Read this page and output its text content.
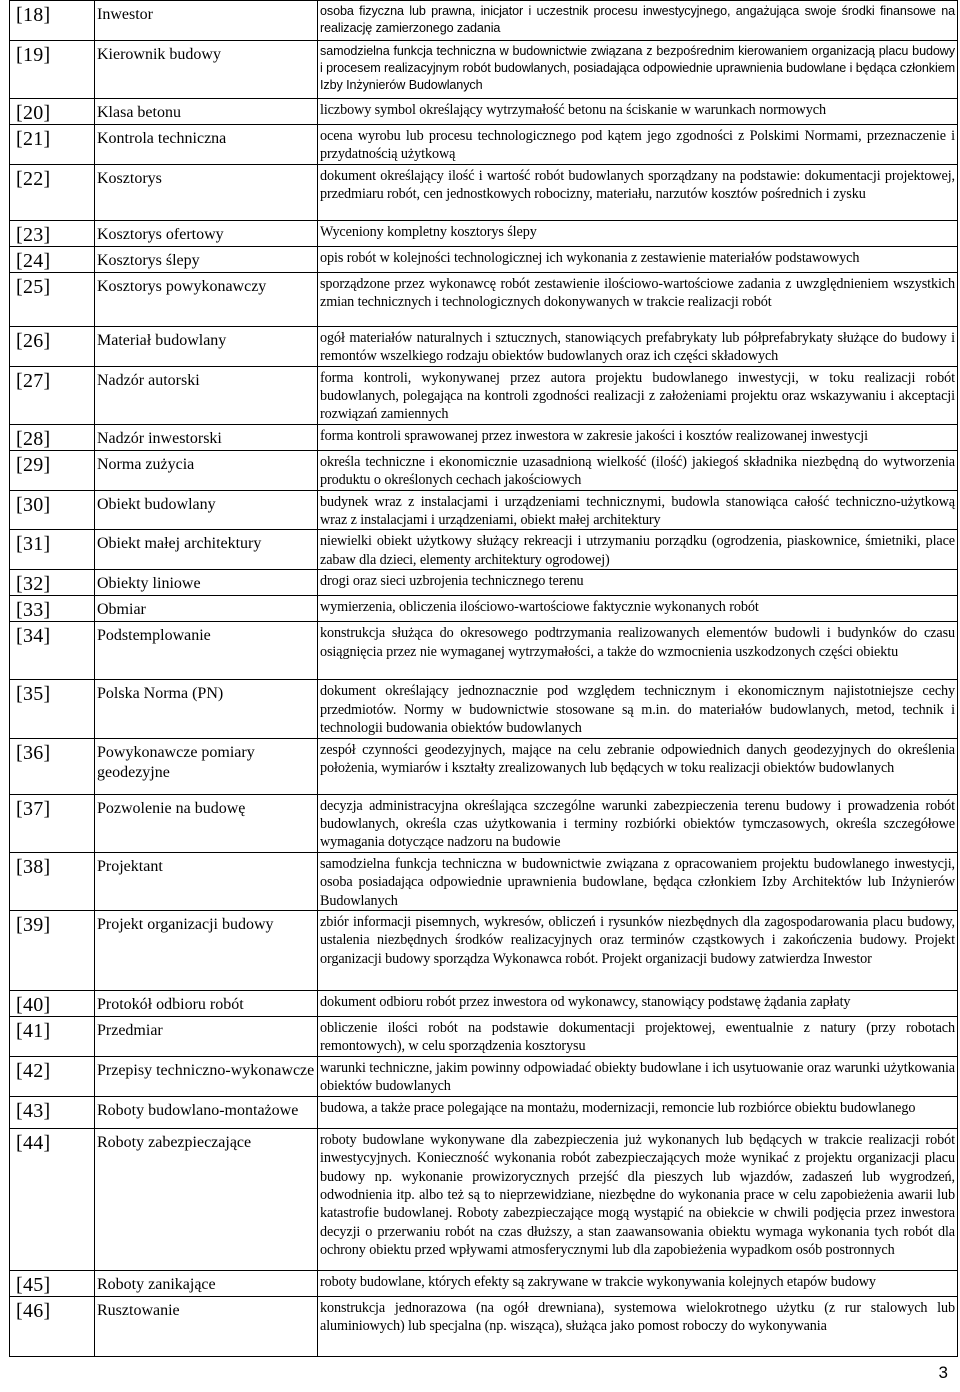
[18]	Inwestor	osoba fizyczna lub prawna, inicjator i uczestnik procesu inwestycyjnego, angażująca swoje środki finansowe na realizację zamierzonego zadania
[19]	Kierownik budowy	samodzielna funkcja techniczna w budownictwie związana z bezpośrednim kierowaniem organizacją placu budowy i procesem realizacyjnym robót budowlanych, posiadająca odpowiednie uprawnienia budowlane i będąca członkiem Izby Inżynierów Budowlanych
[20]	Klasa betonu	liczbowy symbol określający wytrzymałość betonu na ściskanie w warunkach normowych
[21]	Kontrola techniczna	ocena wyrobu lub procesu technologicznego pod kątem jego zgodności z Polskimi Normami, przeznaczenie i przydatnością użytkową
[22]	Kosztorys	dokument określający ilość i wartość robót budowlanych sporządzany na podstawie: dokumentacji projektowej, przedmiaru robót, cen jednostkowych robocizny, materiału, narzutów kosztów pośrednich i zysku
[23]	Kosztorys ofertowy	Wyceniony kompletny kosztorys ślepy
[24]	Kosztorys ślepy	opis robót w kolejności technologicznej ich wykonania z zestawienie materiałów podstawowych
[25]	Kosztorys powykonawczy	sporządzone przez wykonawcę robót zestawienie ilościowo-wartościowe zadania z uwzględnieniem wszystkich zmian technicznych i technologicznych dokonywanych w trakcie realizacji robót
[26]	Materiał budowlany	ogół materiałów naturalnych i sztucznych, stanowiących prefabrykaty lub półprefabrykaty służące do budowy i remontów wszelkiego rodzaju obiektów budowlanych oraz ich części składowych
[27]	Nadzór autorski	forma kontroli, wykonywanej przez autora projektu budowlanego inwestycji, w toku realizacji robót budowlanych, polegająca na kontroli zgodności realizacji z założeniami projektu oraz wskazywaniu i akceptacji rozwiązań zamiennych
[28]	Nadzór inwestorski	forma kontroli sprawowanej przez inwestora w zakresie jakości i kosztów realizowanej inwestycji
[29]	Norma zużycia	określa techniczne i ekonomicznie uzasadnioną wielkość (ilość) jakiegoś składnika niezbędną do wytworzenia produktu o określonych cechach jakościowych
[30]	Obiekt budowlany	budynek wraz z instalacjami i urządzeniami technicznymi, budowla stanowiąca całość techniczno-użytkową wraz z instalacjami i urządzeniami, obiekt małej architektury
[31]	Obiekt małej architektury	niewielki obiekt użytkowy służący rekreacji i utrzymaniu porządku (ogrodzenia, piaskownice, śmietniki, place zabaw dla dzieci, elementy architektury ogrodowej)
[32]	Obiekty liniowe	drogi oraz sieci uzbrojenia technicznego terenu
[33]	Obmiar	wymierzenia, obliczenia ilościowo-wartościowe faktycznie wykonanych robót
[34]	Podstemplowanie	konstrukcja służąca do okresowego podtrzymania realizowanych elementów budowli i budynków do czasu osiągnięcia przez nie wymaganej wytrzymałości, a także do wzmocnienia uszkodzonych części obiektu
[35]	Polska Norma (PN)	dokument określający jednoznacznie pod względem technicznym i ekonomicznym najistotniejsze cechy przedmiotów. Normy w budownictwie stosowane są m.in. do materiałów budowlanych, metod, technik i technologii budowania obiektów budowlanych
[36]	Powykonawcze pomiary geodezyjne	zespół czynności geodezyjnych, mające na celu zebranie odpowiednich danych geodezyjnych do określenia położenia, wymiarów i kształty zrealizowanych lub będących w toku realizacji obiektów budowlanych
[37]	Pozwolenie na budowę	decyzja administracyjna określająca szczególne warunki zabezpieczenia terenu budowy i prowadzenia robót budowlanych, określa czas użytkowania i terminy rozbiórki obiektów tymczasowych, określa szczegółowe wymagania dotyczące nadzoru na budowie
[38]	Projektant	samodzielna funkcja techniczna w budownictwie związana z opracowaniem projektu budowlanego inwestycji, osoba posiadająca odpowiednie uprawnienia budowlane, będąca członkiem Izby Architektów lub Inżynierów Budowlanych
[39]	Projekt organizacji budowy	zbiór informacji pisemnych, wykresów, obliczeń i rysunków niezbędnych dla zagospodarowania placu budowy, ustalenia niezbędnych środków realizacyjnych oraz terminów cząstkowych i zakończenia budowy. Projekt organizacji budowy sporządza Wykonawca robót. Projekt organizacji budowy zatwierdza Inwestor
[40]	Protokół odbioru robót	dokument odbioru robót przez inwestora od wykonawcy, stanowiący podstawę żądania zapłaty
[41]	Przedmiar	obliczenie ilości robót na podstawie dokumentacji projektowej, ewentualnie z natury (przy robotach remontowych), w celu sporządzenia kosztorysu
[42]	Przepisy techniczno-wykonawcze	warunki techniczne, jakim powinny odpowiadać obiekty budowlane i ich usytuowanie oraz warunki użytkowania obiektów budowlanych
[43]	Roboty budowlano-montażowe	budowa, a także prace polegające na montażu, modernizacji, remoncie lub rozbiórce obiektu budowlanego
[44]	Roboty zabezpieczające	roboty budowlane wykonywane dla zabezpieczenia już wykonanych lub będących w trakcie realizacji robót inwestycyjnych. Konieczność wykonania robót zabezpieczających może wynikać z projektu organizacji placu budowy np. wykonanie prowizorycznych przejść dla pieszych lub wjazdów, zadaszeń lub wygrodzeń, odwodnienia itp. albo też są to nieprzewidziane, niezbędne do wykonania prace w celu zapobieżenia awarii lub katastrofie budowlanej. Roboty zabezpieczające mogą wystąpić na obiekcie w chwili podjęcia przez inwestora decyzji o przerwaniu robót na czas dłuższy, a stan zaawansowania obiektu wymaga wykonania tych robót dla ochrony obiektu przed wpływami atmosferycznymi lub dla zapobieżenia wypadkom osób postronnych
[45]	Roboty zanikające	roboty budowlane, których efekty są zakrywane w trakcie wykonywania kolejnych etapów budowy
[46]	Rusztowanie	konstrukcja jednorazowa (na ogół drewniana), systemowa wielokrotnego użytku (z rur stalowych lub aluminiowych) lub specjalna (np. wisząca), służąca jako pomost roboczy do wykonywania
3
